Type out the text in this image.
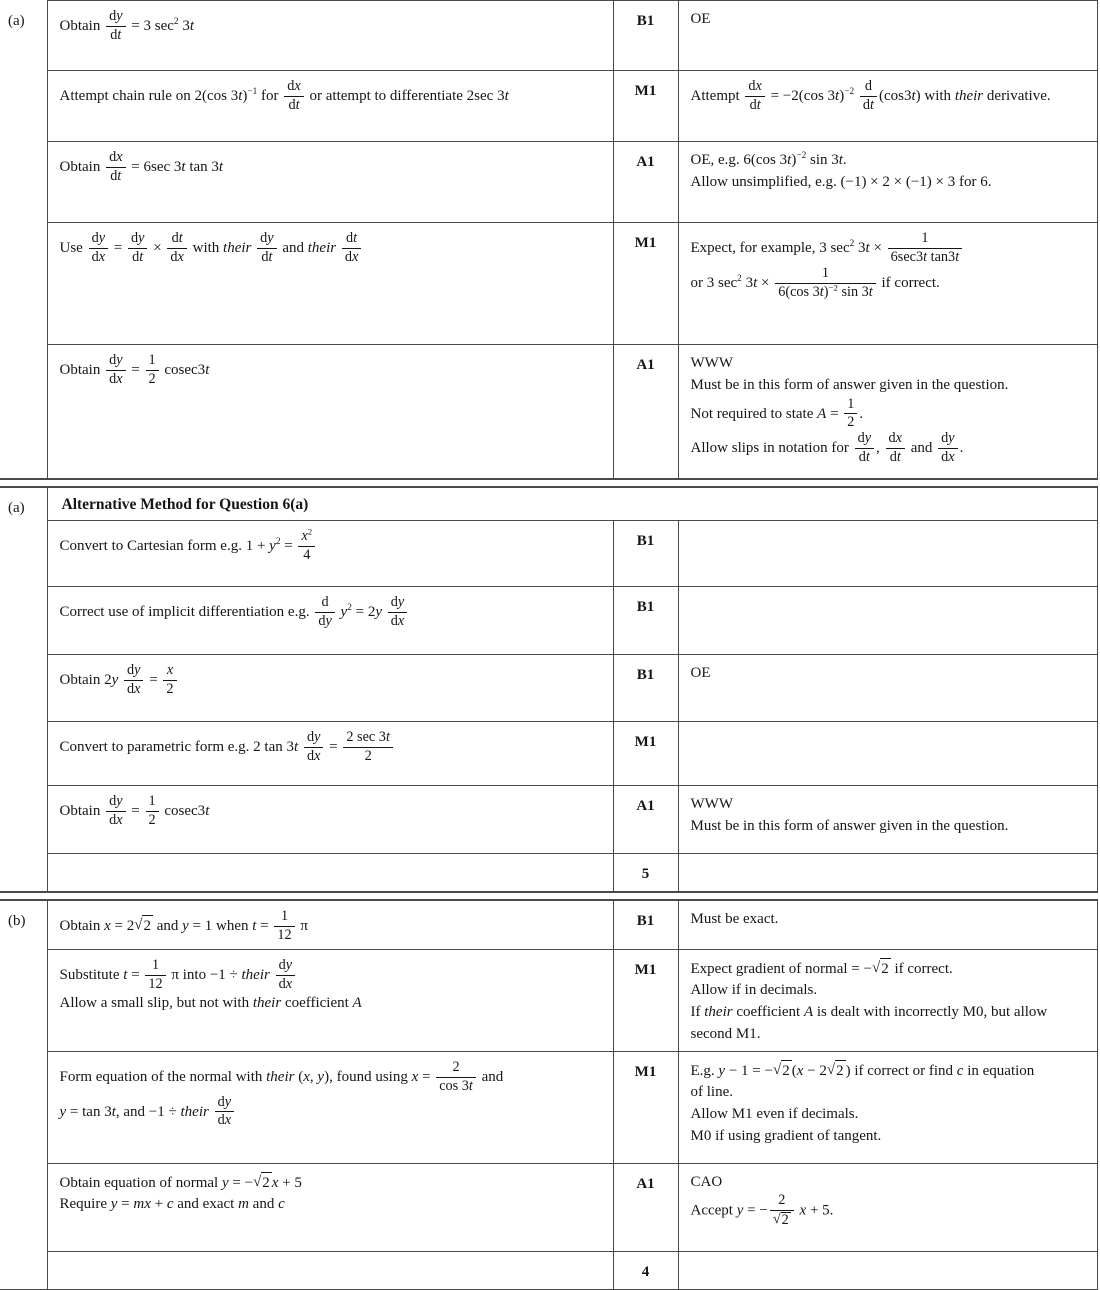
(a)	Obtain $\frac{dy}{dt} = 3$ $\sec^2 3t$	B1	OE
Attempt chain rule on 2(cos 3t)$^{-1}$ for $\frac{dx}{dt}$ or attempt to differentiate 2sec 3t	M1	Attempt $\frac{dx}{dt} = -2(\cos$ $3t)^{-2} \frac{d}{dt} (\cos 3t)$ with their derivative.
	Obtain $\frac{dx}{dt} = 6\sec$ 3t tan 3t	A1	OE, e.g. 6(cos 3t)$^{-2}$ sin 3t.
Allow unsimplified, e.g. (−1) × 2 × (−1) × 3 for 6.
Use $\frac{dy}{dx} = \frac{dy}{dt} \times \frac{dt}{dx}$ with their $\frac{dy}{dt}$ and their $\frac{dt}{dx}$	M1	Expect, for example, 3 $\sec^2 3t \times \frac{1}{\text{6sec3t tan3t}}$

or 3 $\sec^2 3t \times \frac{1}{6(\cos 3t)^{-2} \sin 3t}$ if correct.
Obtain $\frac{dy}{dx} = \frac{1}{2} cosec3t$	A1	WWW
Must be in this form of answer given in the question.
Not required to state $A = \frac{1}{2}$ .
Allow slips in notation for $\frac{dy}{dt}$ , $\frac{dx}{dt}$ and $\frac{dy}{dx}$ .

(a)	Alternative Method for Question 6(a)		
	Convert to Cartesian form e.g. $1 + y^2 = \frac{x^2}{4}$	B1	
Correct use of implicit differentiation e.g. $\frac{d}{dy} y^2 = 2y \frac{dy}{dx}$	B1	
Obtain $2y \frac{dy}{dx} = \frac{x}{2}$	B1	OE
Convert to parametric form e.g. 2 $\tan 3t \frac{dy}{dx} = \frac{2 \sec 3t}{2}$	M1	
Obtain $\frac{dy}{dx} = \frac{1}{2} cosec3t$	A1	WWW
Must be in this form of answer given in the question.
		5	

(b)	Obtain x = 2√2 and y = 1 when $t = \frac{1}{12}$ π	B1	Must be exact.
Substitute $t = \frac{1}{12}$ π into −1 ÷ their $\frac{dy}{dx}$

Allow a small slip, but not with their coefficient A	M1	Expect gradient of normal = −√2 if correct.
Allow if in decimals.
If their coefficient A is dealt with incorrectly M0, but allow second M1.
Form equation of the normal with their (x, y), found using $x = \frac{2}{\cos 3t}$ and
y = tan 3t, and −1 ÷ their $\frac{dy}{dx}$
	M1	E.g. y − 1 = −√2 (x − 2√2 ) if correct or find c in equation
of line.
Allow M1 even if decimals.
M0 if using gradient of tangent.
	Obtain equation of normal y = −√2 x + 5
Require y = mx + c and exact m and c	A1	CAO
Accept y = − $\frac{2}{√2}$ x + 5.
		4	
